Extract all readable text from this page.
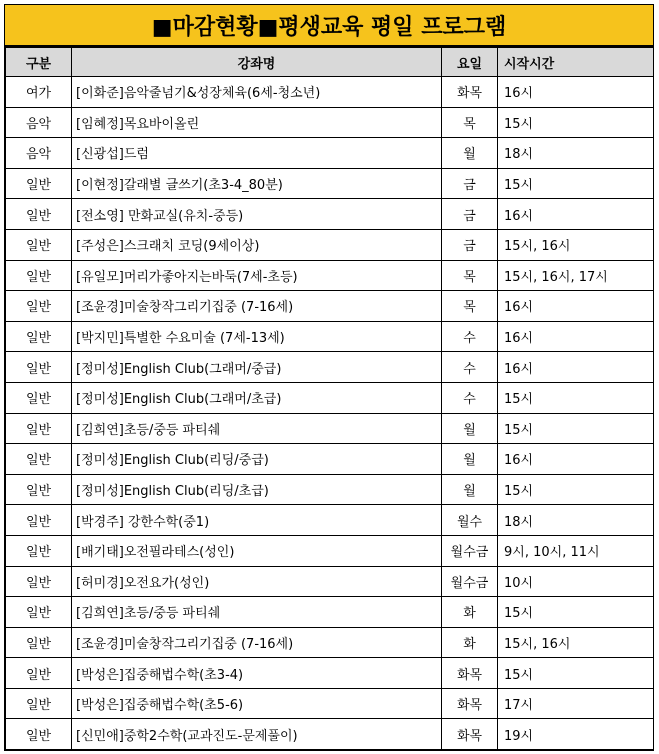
■마감현황 ■평생교육 평일 프로그램
구분	강좌명	요일	시작시간
여가	[이화준]음악줄넘기&성장체육(6세-청소년)	화목	16시
음악	[임혜정]목요바이올린	목	15시
음악	[신광섭]드럼	월	18시
일반	[이현정]갈래별 글쓰기(초3-4_80분)	금	15시
일반	[전소영] 만화교실(유치-중등)	금	16시
일반	[주성은]스크래치 코딩(9세이상)	금	15시, 16시
일반	[유일모]머리가좋아지는바둑(7세-초등)	목	15시, 16시, 17시
일반	[조윤경]미술창작그리기집중 (7-16세)	목	16시
일반	[박지민]특별한 수요미술 (7세-13세)	수	16시
일반	[정미성]English Club(그래머/중급)	수	16시
일반	[정미성]English Club(그래머/초급)	수	15시
일반	[김희연]초등/중등 파티쉐	월	15시
일반	[정미성]English Club(리딩/중급)	월	16시
일반	[정미성]English Club(리딩/초급)	월	15시
일반	[박경주] 강한수학(중1)	월수	18시
일반	[배기태]오전필라테스(성인)	월수금	9시, 10시, 11시
일반	[허미경]오전요가(성인)	월수금	10시
일반	[김희연]초등/중등 파티쉐	화	15시
일반	[조윤경]미술창작그리기집중 (7-16세)	화	15시, 16시
일반	[박성은]집중해법수학(초3-4)	화목	15시
일반	[박성은]집중해법수학(초5-6)	화목	17시
일반	[신민애]중학2수학(교과진도-문제풀이)	화목	19시
